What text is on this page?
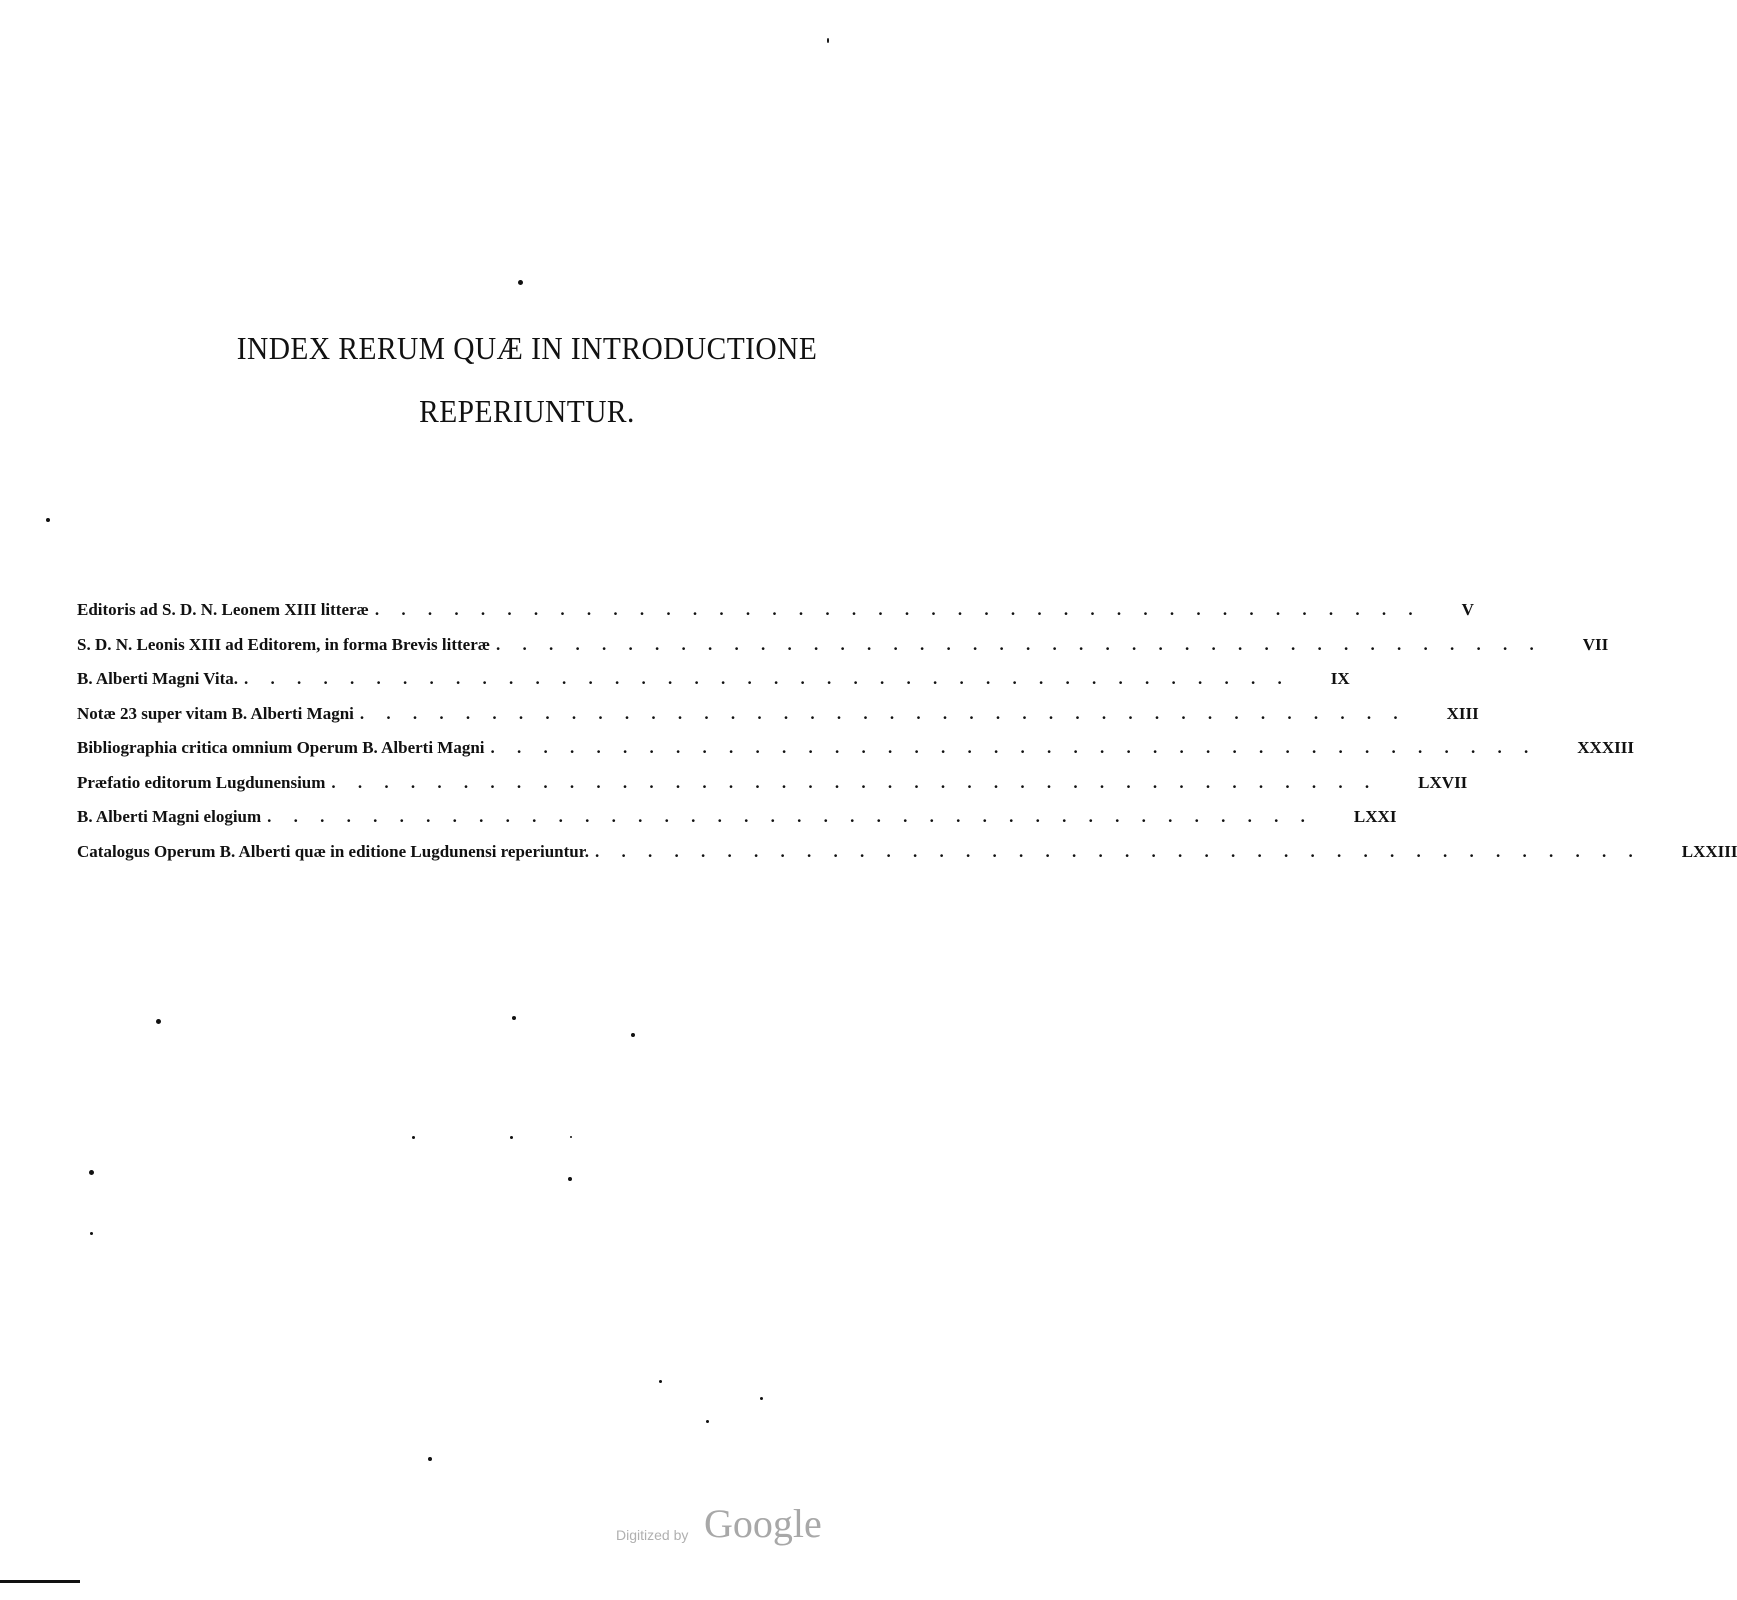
INDEX RERUM QUÆ IN INTRODUCTIONE
REPERIUNTUR.
Editoris ad S. D. N. Leonem XIII litteræ . . . . . . . . . . . . . . . . . . . . . . . . . . . . . . . . . . . . . . . . V
S. D. N. Leonis XIII ad Editorem, in forma Brevis litteræ . . . . . . . . . . . . . . . . . . . . . . . . . . . . . . . . . . . . . . . . VII
B. Alberti Magni Vita. . . . . . . . . . . . . . . . . . . . . . . . . . . . . . . . . . . . . . . . . IX
Notæ 23 super vitam B. Alberti Magni . . . . . . . . . . . . . . . . . . . . . . . . . . . . . . . . . . . . . . . . XIII
Bibliographia critica omnium Operum B. Alberti Magni . . . . . . . . . . . . . . . . . . . . . . . . . . . . . . . . . . . . . . . . XXXIII
Præfatio editorum Lugdunensium . . . . . . . . . . . . . . . . . . . . . . . . . . . . . . . . . . . . . . . . LXVII
B. Alberti Magni elogium . . . . . . . . . . . . . . . . . . . . . . . . . . . . . . . . . . . . . . . . LXXI
Catalogus Operum B. Alberti quæ in editione Lugdunensi reperiuntur. . . . . . . . . . . . . . . . . . . . . . . . . . . . . . . . . . . . . . . . . LXXIII
Digitized by Google
